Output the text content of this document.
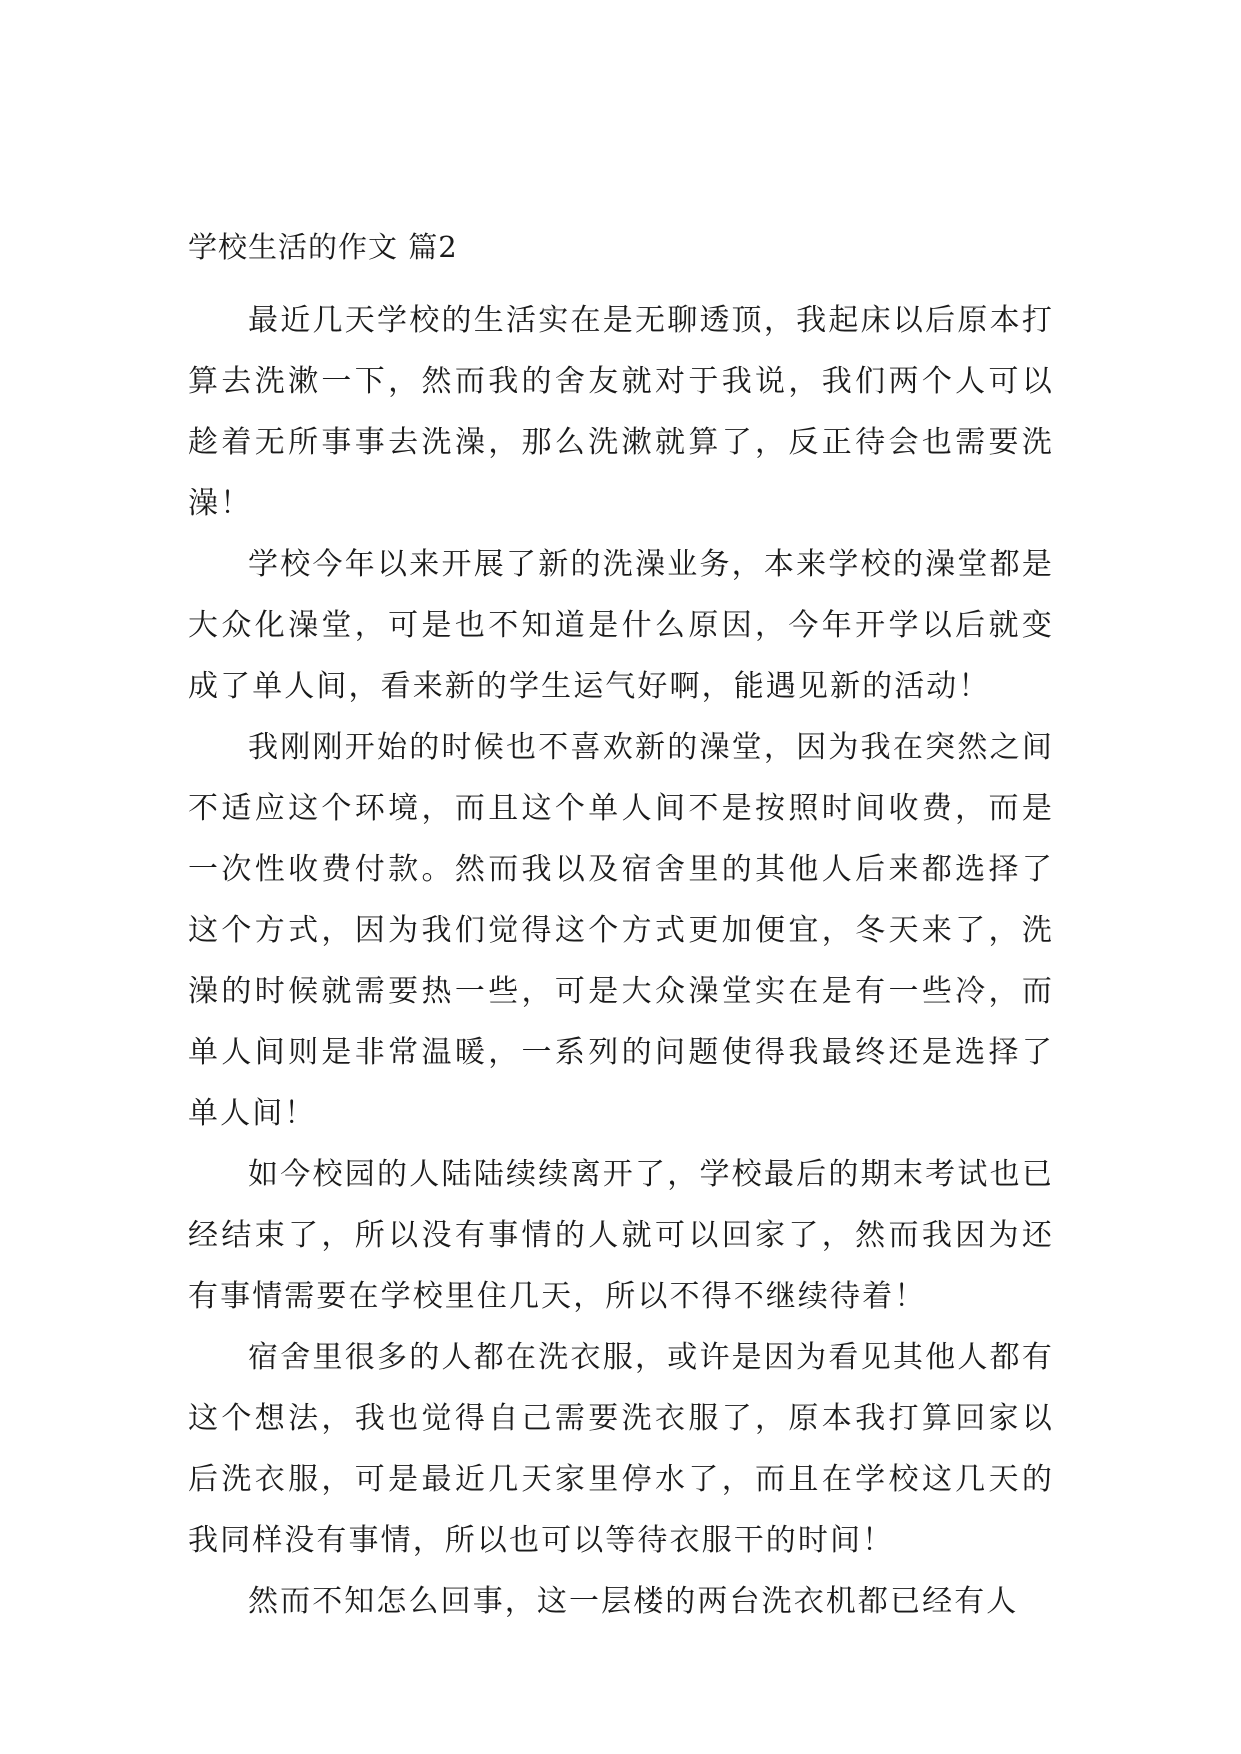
学校生活的作文 篇2

最近几天学校的生活实在是无聊透顶，我起床以后原本打算去洗漱一下，然而我的舍友就对于我说，我们两个人可以趁着无所事事去洗澡，那么洗漱就算了，反正待会也需要洗澡！

学校今年以来开展了新的洗澡业务，本来学校的澡堂都是大众化澡堂，可是也不知道是什么原因，今年开学以后就变成了单人间，看来新的学生运气好啊，能遇见新的活动！

我刚刚开始的时候也不喜欢新的澡堂，因为我在突然之间不适应这个环境，而且这个单人间不是按照时间收费，而是一次性收费付款。然而我以及宿舍里的其他人后来都选择了这个方式，因为我们觉得这个方式更加便宜，冬天来了，洗澡的时候就需要热一些，可是大众澡堂实在是有一些冷，而单人间则是非常温暖，一系列的问题使得我最终还是选择了单人间！

如今校园的人陆陆续续离开了，学校最后的期末考试也已经结束了，所以没有事情的人就可以回家了，然而我因为还有事情需要在学校里住几天，所以不得不继续待着！

宿舍里很多的人都在洗衣服，或许是因为看见其他人都有这个想法，我也觉得自己需要洗衣服了，原本我打算回家以后洗衣服，可是最近几天家里停水了，而且在学校这几天的我同样没有事情，所以也可以等待衣服干的时间！

然而不知怎么回事，这一层楼的两台洗衣机都已经有人
